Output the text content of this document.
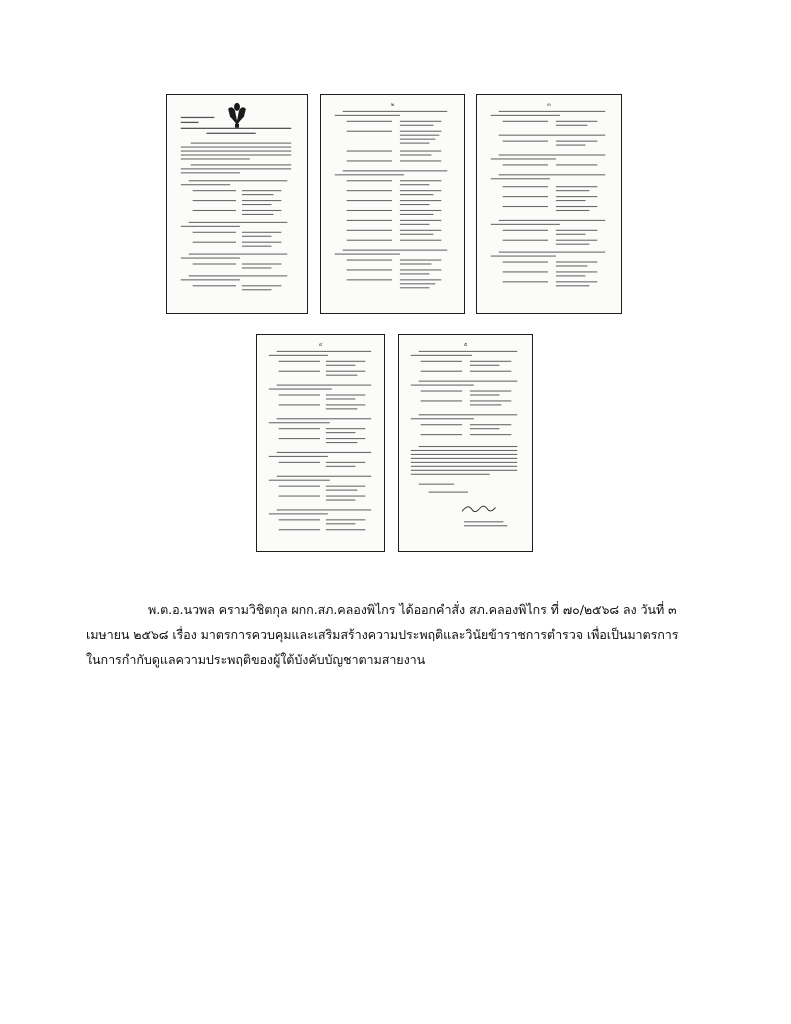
๒	๓
๔	๕
พ.ต.อ.นวพล ครามวิชิตกุล ผกก.สภ.คลองพิไกร ได้ออกคำสั่ง สภ.คลองพิไกร ที่ ๗๐/๒๕๖๘ ลง วันที่ ๓
เมษายน ๒๕๖๘ เรื่อง มาตรการควบคุมและเสริมสร้างความประพฤติและวินัยข้าราชการตำรวจ เพื่อเป็นมาตรการ
ในการกำกับดูแลความประพฤติของผู้ใต้บังคับบัญชาตามสายงาน
